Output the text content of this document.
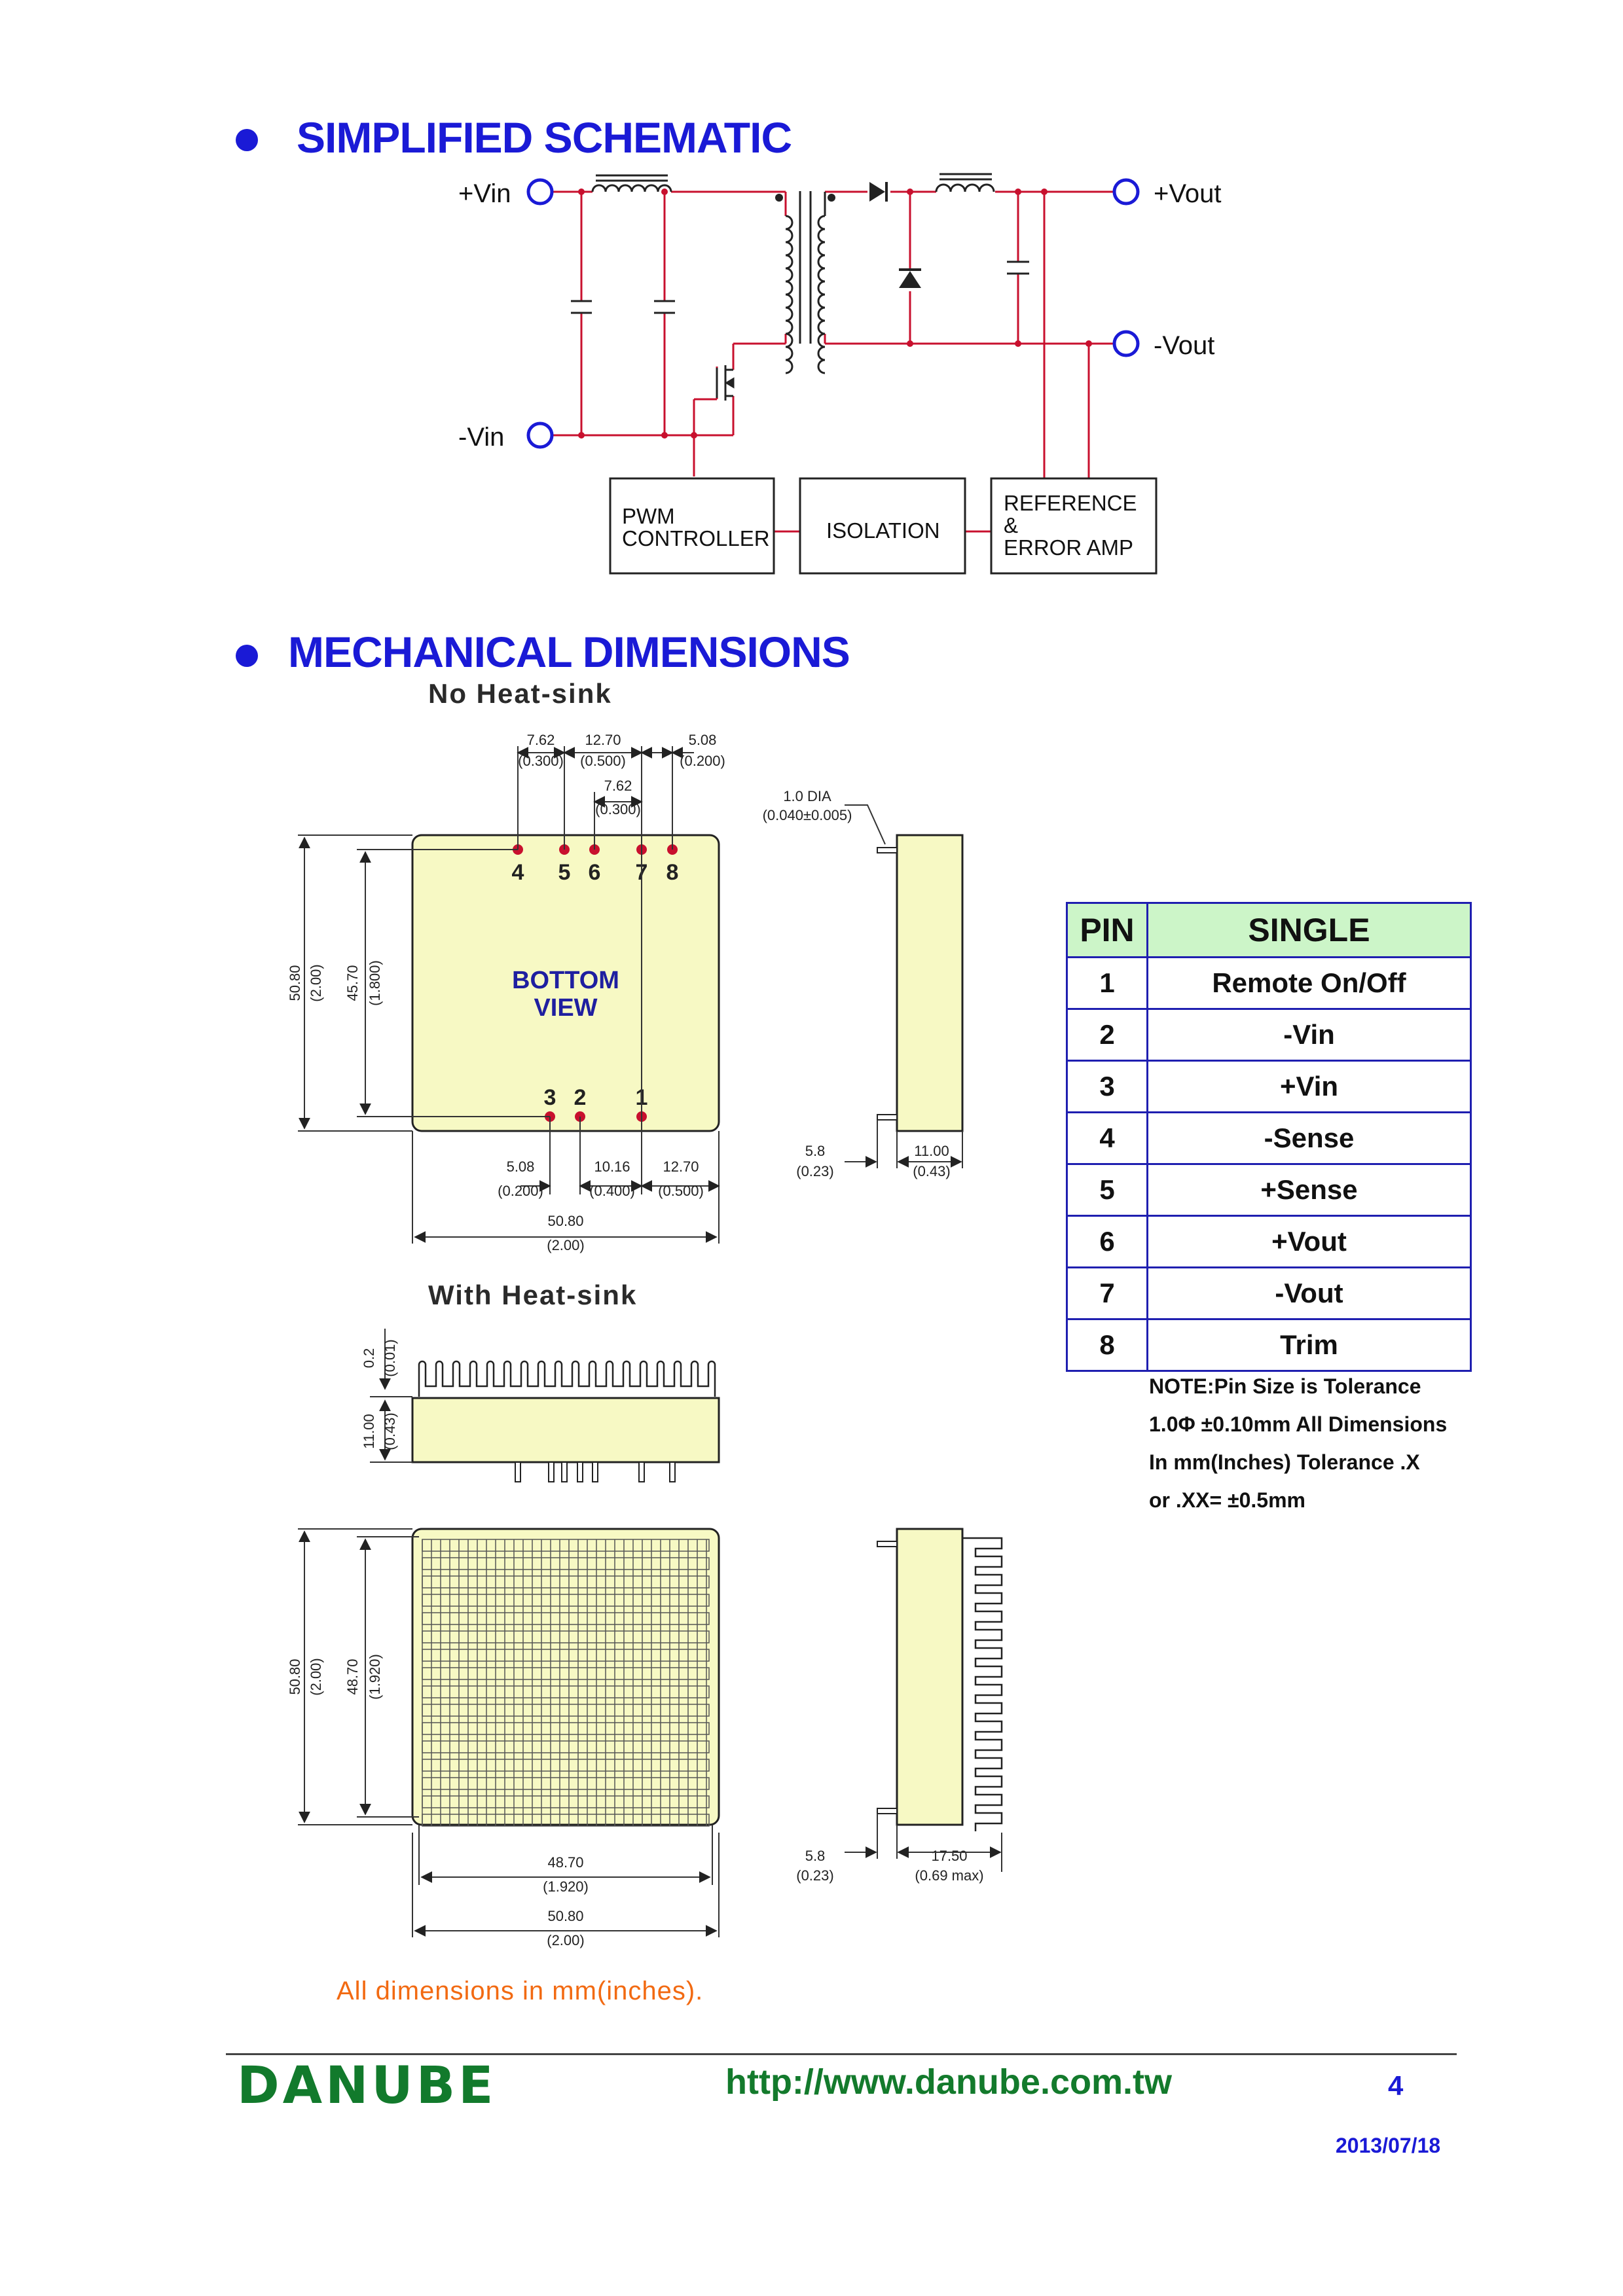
SIMPLIFIED SCHEMATIC
MECHANICAL DIMENSIONS
No Heat-sink
With Heat-sink
+Vin
-Vin
+Vout
-Vout
PWM
CONTROLLER	ISOLATION
REFERENCE
&
ERROR AMP
BOTTOM
VIEW
4 5 6 7 8
3 2 1
7.62
(0.300)
12.70
(0.500)
5.08
(0.200)
7.62
(0.300)
1.0 DIA
(0.040±0.005)
5.08
(0.200)
10.16
(0.400)
12.70
(0.500)
50.80
(2.00)
5.8
(0.23)
11.00
(0.43)
50.80 (2.00) 45.70 (1.800)
0.2 (0.01)
11.00 (0.43)
50.80 (2.00) 48.70 (1.920)
48.70
(1.920)
50.80
(2.00)
5.8
(0.23)
17.50
(0.69 max)
PIN	SINGLE
1	Remote On/Off
2	-Vin
3	+Vin
4	-Sense
5	+Sense
6	+Vout
7	-Vout
8	Trim
NOTE:Pin Size is Tolerance
1.0Φ ±0.10mm All Dimensions
In mm(Inches) Tolerance .X
or .XX= ±0.5mm
All dimensions in mm(inches).
DANUBE	http://www.danube.com.tw	4
2013/07/18
